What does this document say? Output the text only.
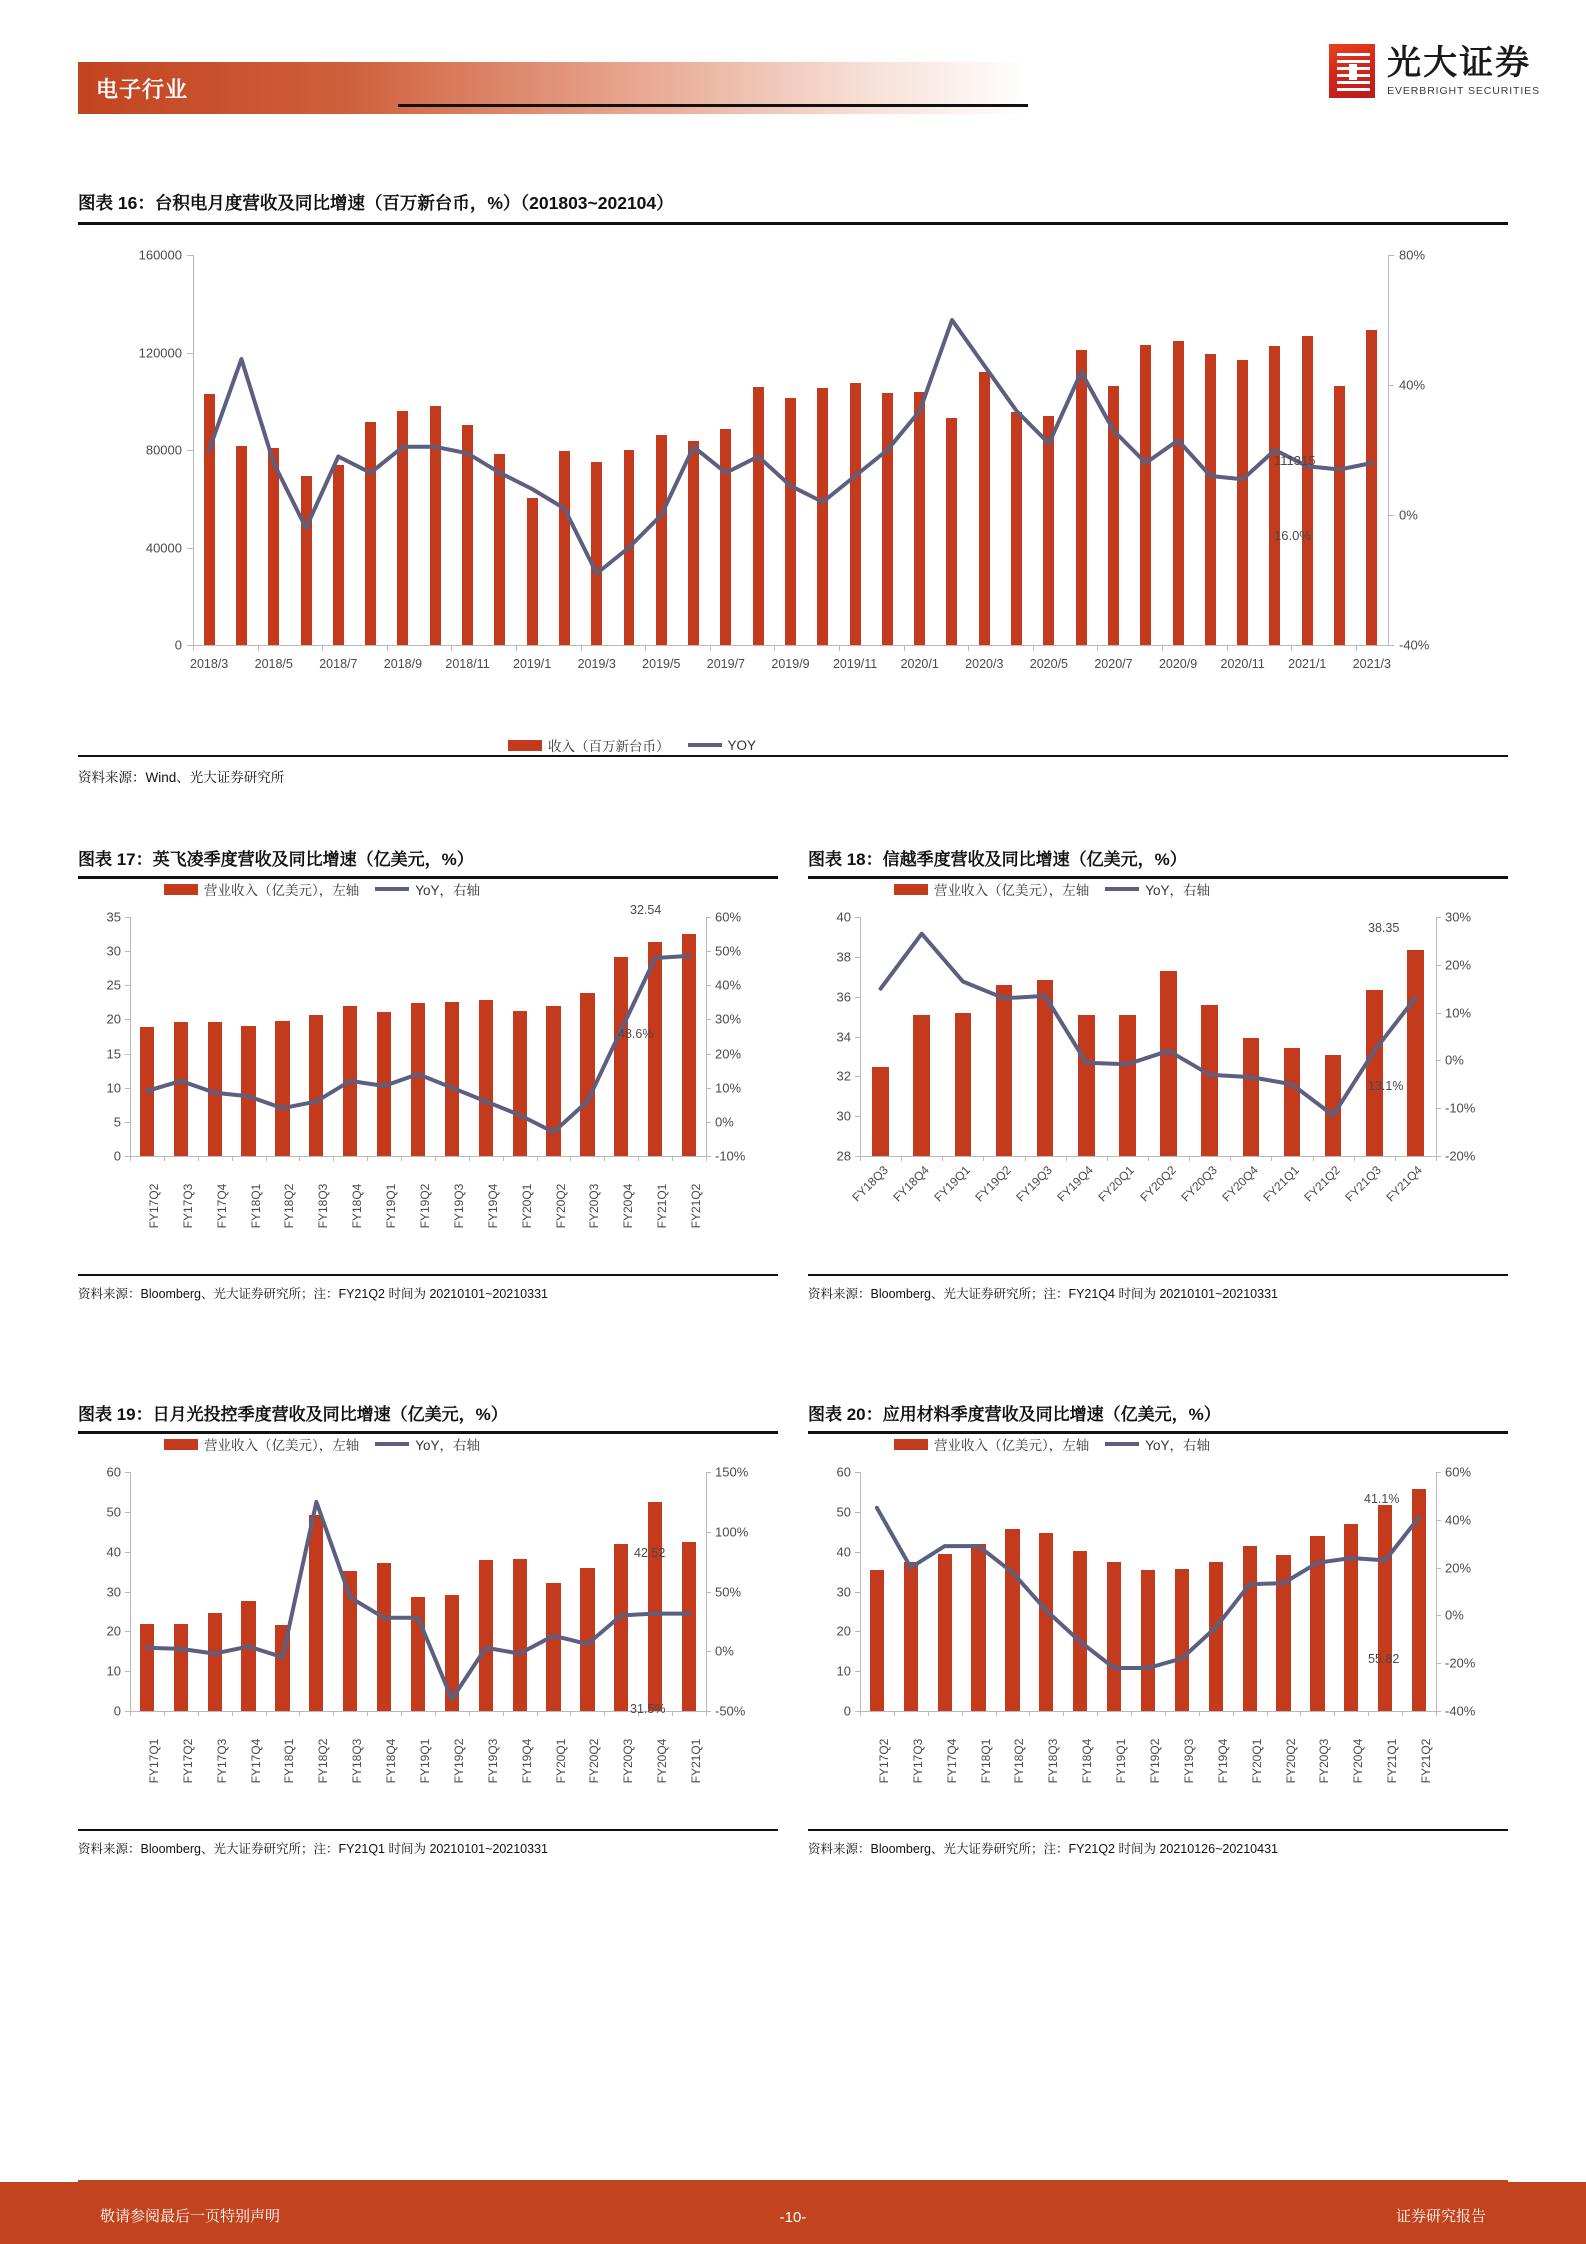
电子行业
光大证券
EVERBRIGHT SECURITIES
图表 16：台积电月度营收及同比增速（百万新台币，%）（201803~202104）
收入（百万新台币）	YOY
0
40000
80000
120000
160000
-40%
0%
40%
80%
2018/3 2018/5 2018/7 2018/9 2018/11 2019/1 2019/3 2019/5 2019/7 2019/9 2019/11 2020/1 2020/3 2020/5 2020/7 2020/9 2020/11 2021/1 2021/3
111315
16.0%
资料来源：Wind、光大证券研究所
图表 17：英飞凌季度营收及同比增速（亿美元，%）
营业收入（亿美元），左轴	YoY，右轴
0
5
10
15
20
25
30
35
-10%
0%
10%
20%
30%
40%
50%
60%
FY17Q2 FY17Q3 FY17Q4 FY18Q1 FY18Q2 FY18Q3 FY18Q4 FY19Q1 FY19Q2 FY19Q3 FY19Q4 FY20Q1 FY20Q2 FY20Q3 FY20Q4 FY21Q1 FY21Q2
32.54
48.6%
资料来源：Bloomberg、光大证券研究所；注：FY21Q2 时间为 20210101~20210331
图表 18：信越季度营收及同比增速（亿美元，%）
营业收入（亿美元），左轴	YoY，右轴
28
30
32
34
36
38
40
-20%
-10%
0%
10%
20%
30%
FY18Q3 FY18Q4 FY19Q1 FY19Q2 FY19Q3 FY19Q4 FY20Q1 FY20Q2 FY20Q3 FY20Q4 FY21Q1 FY21Q2 FY21Q3 FY21Q4
38.35
13.1%
资料来源：Bloomberg、光大证券研究所；注：FY21Q4 时间为 20210101~20210331
图表 19：日月光投控季度营收及同比增速（亿美元，%）
营业收入（亿美元），左轴	YoY，右轴
0
10
20
30
40
50
60
-50%
0%
50%
100%
150%
FY17Q1 FY17Q2 FY17Q3 FY17Q4 FY18Q1 FY18Q2 FY18Q3 FY18Q4 FY19Q1 FY19Q2 FY19Q3 FY19Q4 FY20Q1 FY20Q2 FY20Q3 FY20Q4 FY21Q1
42.52
31.5%
资料来源：Bloomberg、光大证券研究所；注：FY21Q1 时间为 20210101~20210331
图表 20：应用材料季度营收及同比增速（亿美元，%）
营业收入（亿美元），左轴	YoY，右轴
0
10
20
30
40
50
60
-40%
-20%
0%
20%
40%
60%
FY17Q2 FY17Q3 FY17Q4 FY18Q1 FY18Q2 FY18Q3 FY18Q4 FY19Q1 FY19Q2 FY19Q3 FY19Q4 FY20Q1 FY20Q2 FY20Q3 FY20Q4 FY21Q1 FY21Q2
55.82
41.1%
资料来源：Bloomberg、光大证券研究所；注：FY21Q2 时间为 20210126~20210431
敬请参阅最后一页特别声明	-10-	证券研究报告
